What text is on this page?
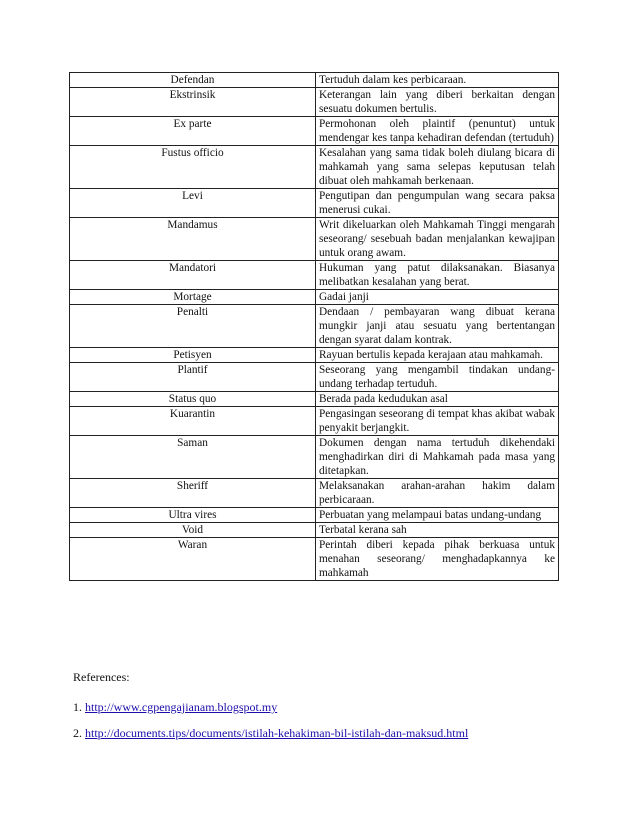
Defendan	Tertuduh dalam kes perbicaraan.
Ekstrinsik	Keterangan lain yang diberi berkaitan dengan sesuatu dokumen bertulis.
Ex parte	Permohonan oleh plaintif (penuntut) untuk mendengar kes tanpa kehadiran defendan (tertuduh)
Fustus officio	Kesalahan yang sama tidak boleh diulang bicara di mahkamah yang sama selepas keputusan telah dibuat oleh mahkamah berkenaan.
Levi	Pengutipan dan pengumpulan wang secara paksa menerusi cukai.
Mandamus	Writ dikeluarkan oleh Mahkamah Tinggi mengarah seseorang/ sesebuah badan menjalankan kewajipan untuk orang awam.
Mandatori	Hukuman yang patut dilaksanakan. Biasanya melibatkan kesalahan yang berat.
Mortage	Gadai janji
Penalti	Dendaan / pembayaran wang dibuat kerana mungkir janji atau sesuatu yang bertentangan dengan syarat dalam kontrak.
Petisyen	Rayuan bertulis kepada kerajaan atau mahkamah.
Plantif	Seseorang yang mengambil tindakan undang-undang terhadap tertuduh.
Status quo	Berada pada kedudukan asal
Kuarantin	Pengasingan seseorang di tempat khas akibat wabak penyakit berjangkit.
Saman	Dokumen dengan nama tertuduh dikehendaki menghadirkan diri di Mahkamah pada masa yang ditetapkan.
Sheriff	Melaksanakan arahan-arahan hakim dalam perbicaraan.
Ultra vires	Perbuatan yang melampaui batas undang-undang
Void	Terbatal kerana sah
Waran	Perintah diberi kepada pihak berkuasa untuk menahan seseorang/ menghadapkannya ke mahkamah
References:
1. http://www.cgpengajianam.blogspot.my
2. http://documents.tips/documents/istilah-kehakiman-bil-istilah-dan-maksud.html
